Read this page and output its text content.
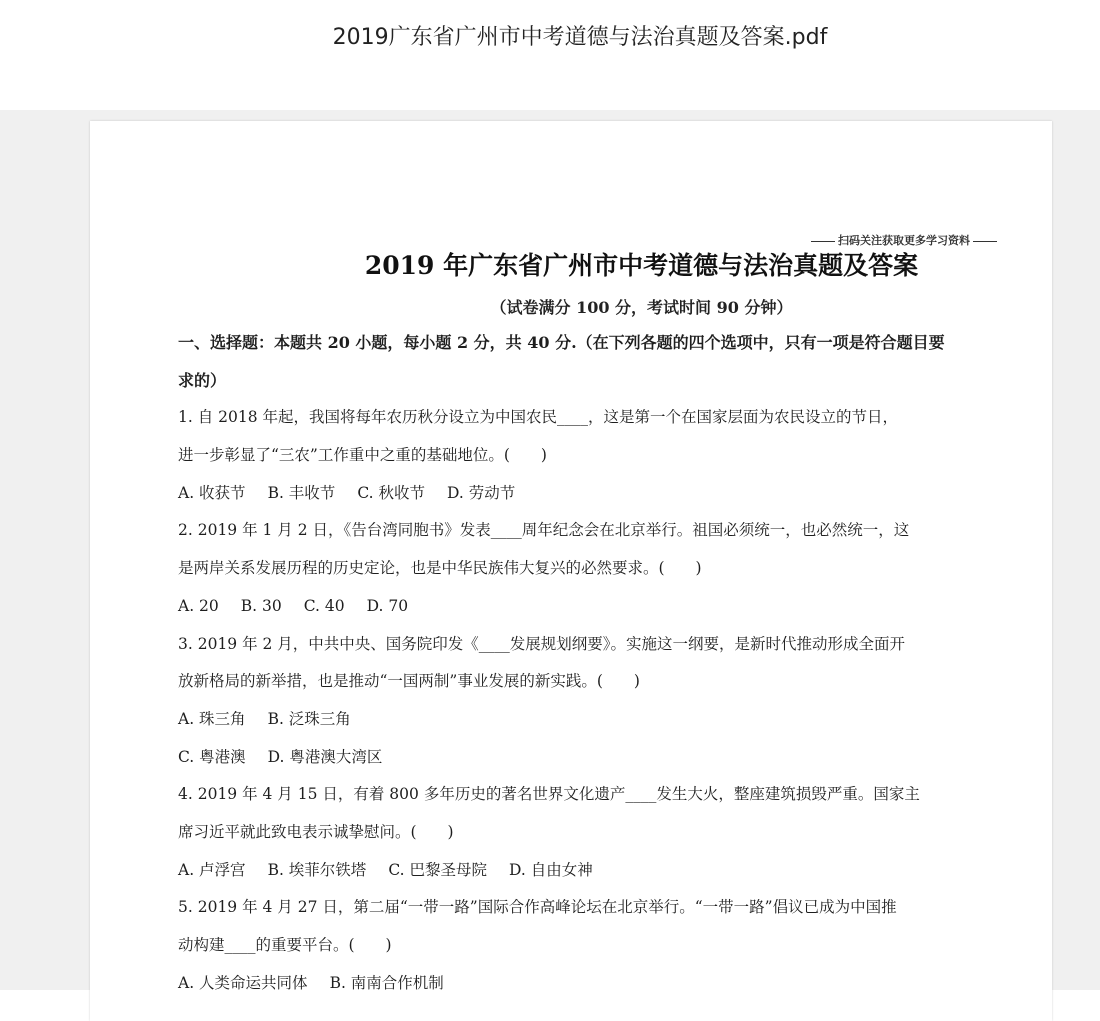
2019广东省广州市中考道德与法治真题及答案.pdf
扫码关注获取更多学习资料
2019 年广东省广州市中考道德与法治真题及答案
（试卷满分 100 分，考试时间 90 分钟）
一、选择题：本题共 20 小题，每小题 2 分，共 40 分.（在下列各题的四个选项中，只有一项是符合题目要
求的）
1. 自 2018 年起，我国将每年农历秋分设立为中国农民____，这是第一个在国家层面为农民设立的节日，
进一步彰显了“三农”工作重中之重的基础地位。(　　)
A. 收获节 B. 丰收节 C. 秋收节 D. 劳动节
2. 2019 年 1 月 2 日，《告台湾同胞书》发表____周年纪念会在北京举行。祖国必须统一，也必然统一，这
是两岸关系发展历程的历史定论，也是中华民族伟大复兴的必然要求。(　　)
A. 20 B. 30 C. 40 D. 70
3. 2019 年 2 月，中共中央、国务院印发《____发展规划纲要》。实施这一纲要，是新时代推动形成全面开
放新格局的新举措，也是推动“一国两制”事业发展的新实践。(　　)
A. 珠三角 B. 泛珠三角
C. 粤港澳 D. 粤港澳大湾区
4. 2019 年 4 月 15 日，有着 800 多年历史的著名世界文化遗产____发生大火，整座建筑损毁严重。国家主
席习近平就此致电表示诚挚慰问。(　　)
A. 卢浮宫 B. 埃菲尔铁塔 C. 巴黎圣母院 D. 自由女神
5. 2019 年 4 月 27 日，第二届“一带一路”国际合作高峰论坛在北京举行。“一带一路”倡议已成为中国推
动构建____的重要平台。(　　)
A. 人类命运共同体 B. 南南合作机制
